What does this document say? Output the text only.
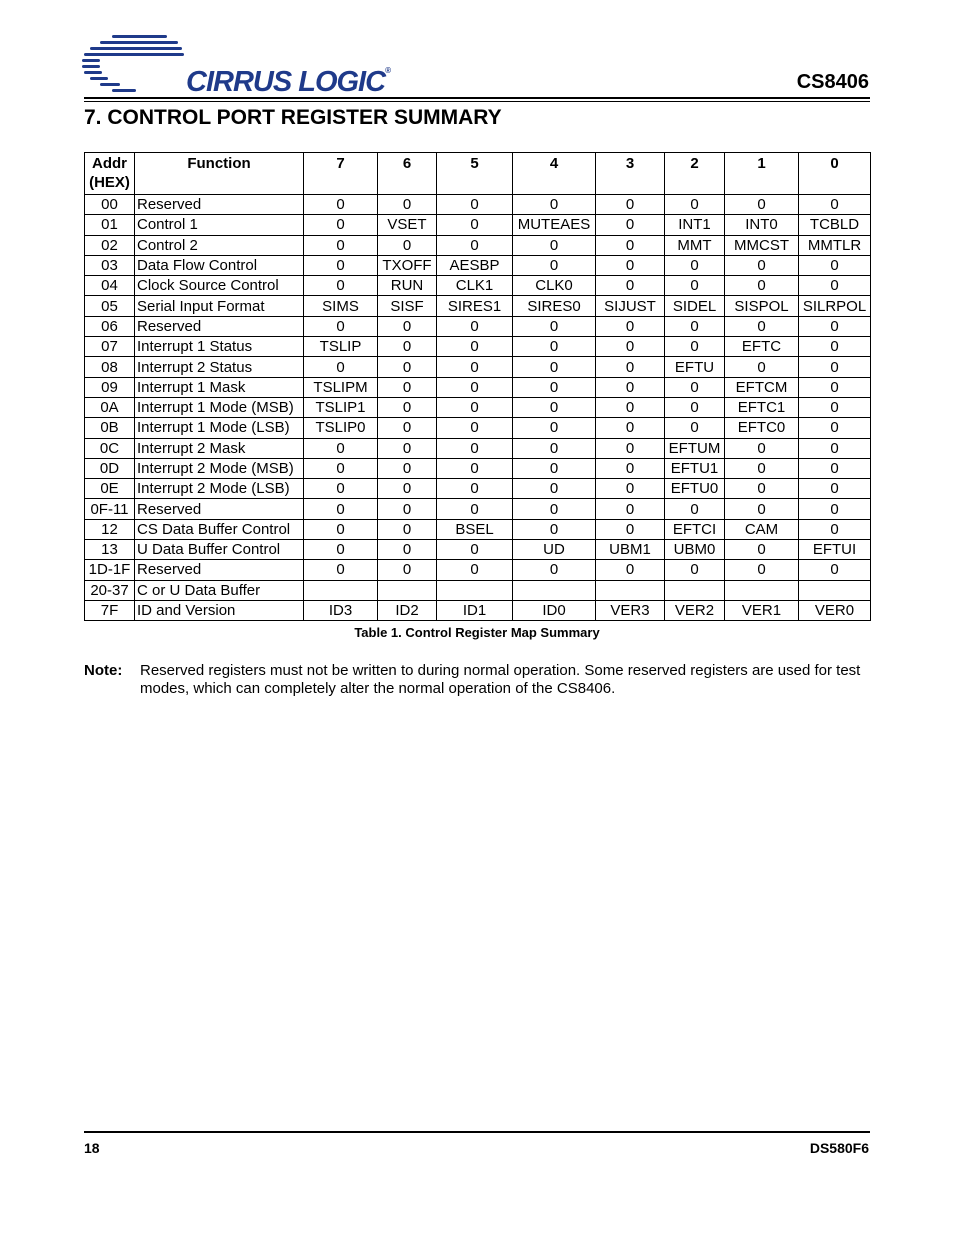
CIRRUS LOGIC®
CS8406
7. CONTROL PORT REGISTER SUMMARY
Addr (HEX)	Function	7	6	5	4	3	2	1	0
00	Reserved	0	0	0	0	0	0	0	0
01	Control 1	0	VSET	0	MUTEAES	0	INT1	INT0	TCBLD
02	Control 2	0	0	0	0	0	MMT	MMCST	MMTLR
03	Data Flow Control	0	TXOFF	AESBP	0	0	0	0	0
04	Clock Source Control	0	RUN	CLK1	CLK0	0	0	0	0
05	Serial Input Format	SIMS	SISF	SIRES1	SIRES0	SIJUST	SIDEL	SISPOL	SILRPOL
06	Reserved	0	0	0	0	0	0	0	0
07	Interrupt 1 Status	TSLIP	0	0	0	0	0	EFTC	0
08	Interrupt 2 Status	0	0	0	0	0	EFTU	0	0
09	Interrupt 1 Mask	TSLIPM	0	0	0	0	0	EFTCM	0
0A	Interrupt 1 Mode (MSB)	TSLIP1	0	0	0	0	0	EFTC1	0
0B	Interrupt 1 Mode (LSB)	TSLIP0	0	0	0	0	0	EFTC0	0
0C	Interrupt 2 Mask	0	0	0	0	0	EFTUM	0	0
0D	Interrupt 2 Mode (MSB)	0	0	0	0	0	EFTU1	0	0
0E	Interrupt 2 Mode (LSB)	0	0	0	0	0	EFTU0	0	0
0F-11	Reserved	0	0	0	0	0	0	0	0
12	CS Data Buffer Control	0	0	BSEL	0	0	EFTCI	CAM	0
13	U Data Buffer Control	0	0	0	UD	UBM1	UBM0	0	EFTUI
1D-1F	Reserved	0	0	0	0	0	0	0	0
20-37	C or U Data Buffer								
7F	ID and Version	ID3	ID2	ID1	ID0	VER3	VER2	VER1	VER0
Table 1. Control Register Map Summary
Note: Reserved registers must not be written to during normal operation. Some reserved registers are used for test modes, which can completely alter the normal operation of the CS8406.
18	DS580F6
